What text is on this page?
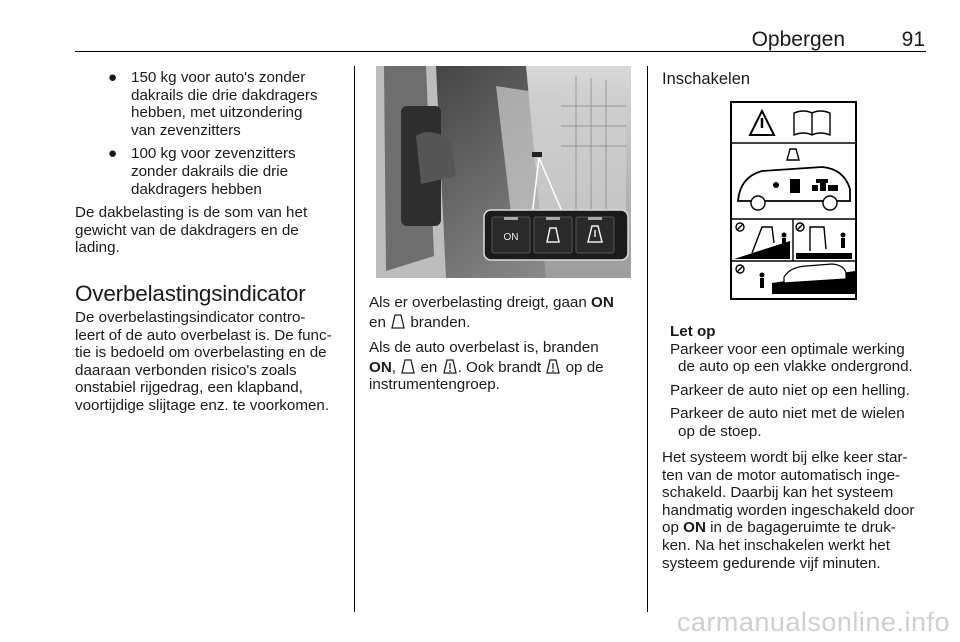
Opbergen	91
● 150 kg voor auto's zonder
dakrails die drie dakdragers
hebben, met uitzondering
van zevenzitters
● 100 kg voor zevenzitters
zonder dakrails die drie
dakdragers hebben
De dakbelasting is de som van het
gewicht van de dakdragers en de
lading.
Overbelastingsindicator
De overbelastingsindicator contro-
leert of de auto overbelast is. De func-
tie is bedoeld om overbelasting en de
daaraan verbonden risico's zoals
onstabiel rijgedrag, een klapband,
voortijdige slijtage enz. te voorkomen.
ON

Als er overbelasting dreigt, gaan ON
en  branden.

Als de auto overbelast is, branden
ON,  en . Ook brandt  op de
instrumentengroep.

Inschakelen
Let op
Parkeer voor een optimale werking
de auto op een vlakke ondergrond.
Parkeer de auto niet op een helling.
Parkeer de auto niet met de wielen
op de stoep.
Het systeem wordt bij elke keer star-
ten van de motor automatisch inge-
schakeld. Daarbij kan het systeem
handmatig worden ingeschakeld door
op ON in de bagageruimte te druk-
ken. Na het inschakelen werkt het
systeem gedurende vijf minuten.
carmanualsonline.info
